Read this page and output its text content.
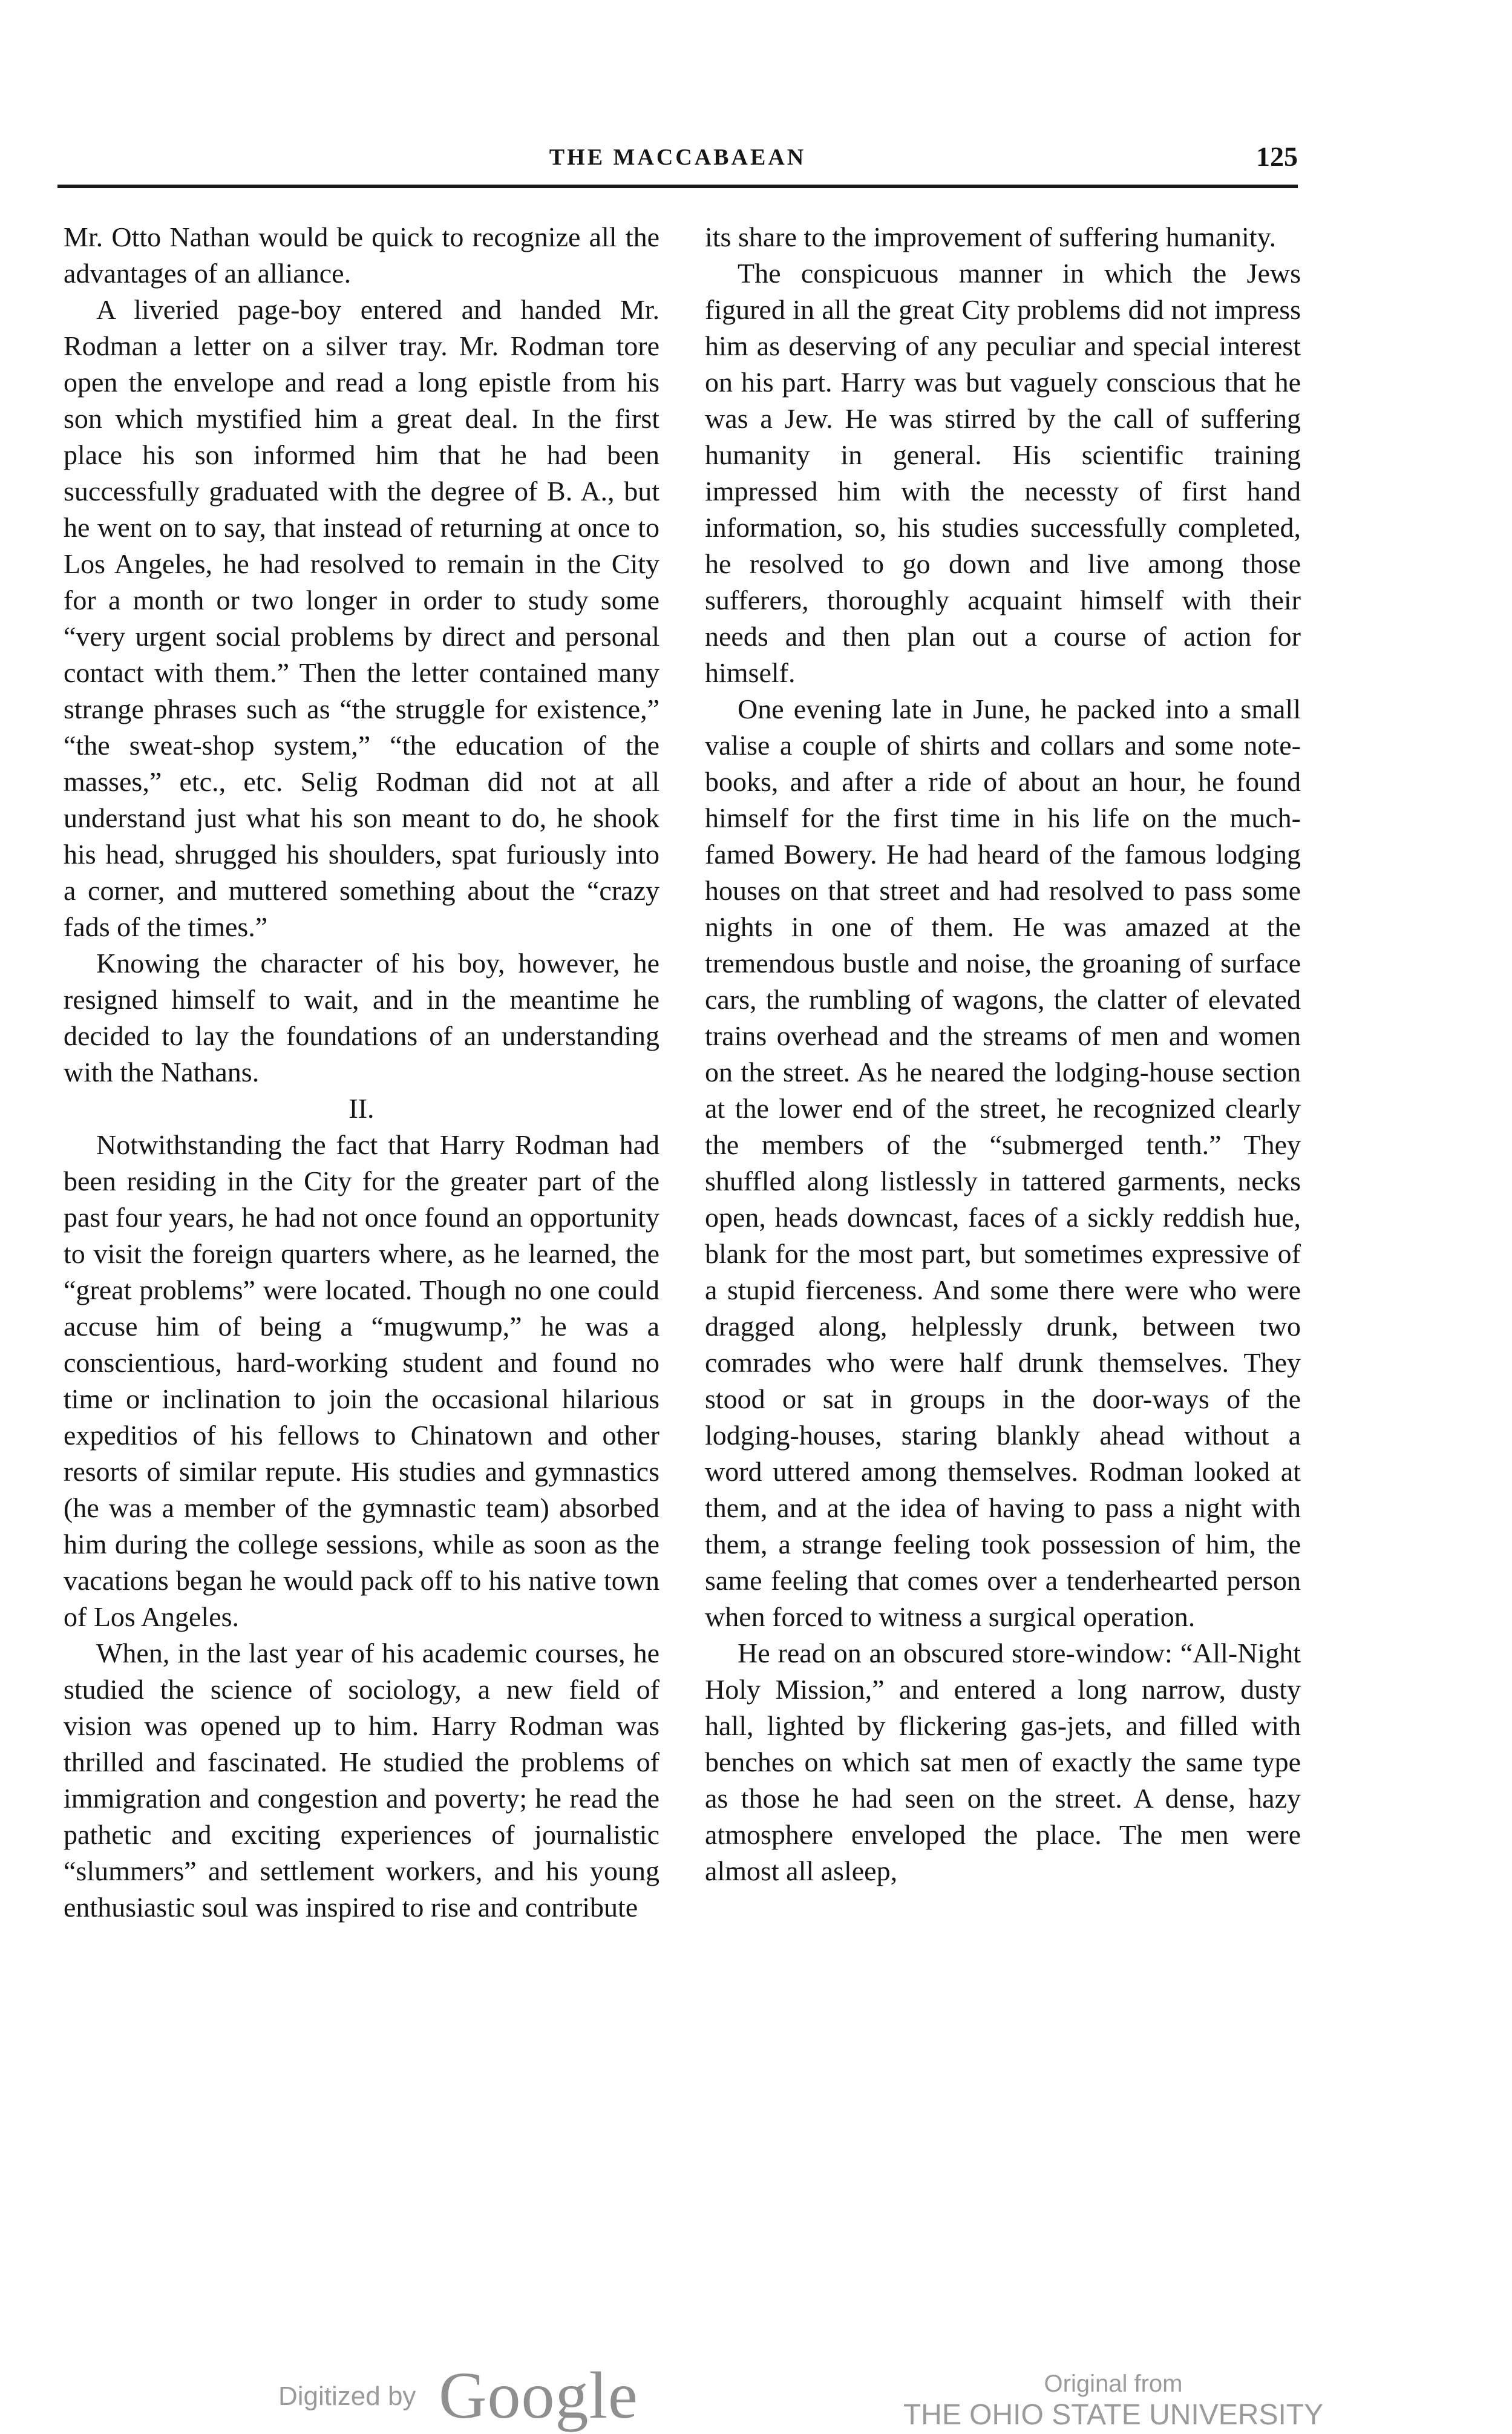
THE MACCABAEAN	125

Mr. Otto Nathan would be quick to recognize all the advantages of an alliance.

A liveried page-boy entered and handed Mr. Rodman a letter on a silver tray. Mr. Rodman tore open the envelope and read a long epistle from his son which mystified him a great deal. In the first place his son informed him that he had been successfully graduated with the degree of B. A., but he went on to say, that instead of returning at once to Los Angeles, he had resolved to remain in the City for a month or two longer in order to study some “very urgent social problems by direct and personal contact with them.” Then the letter contained many strange phrases such as “the struggle for existence,” “the sweat-shop system,” “the education of the masses,” etc., etc. Selig Rodman did not at all understand just what his son meant to do, he shook his head, shrugged his shoulders, spat furiously into a corner, and muttered something about the “crazy fads of the times.”

Knowing the character of his boy, however, he resigned himself to wait, and in the meantime he decided to lay the foundations of an understanding with the Nathans.

II.

Notwithstanding the fact that Harry Rodman had been residing in the City for the greater part of the past four years, he had not once found an opportunity to visit the foreign quarters where, as he learned, the “great problems” were located. Though no one could accuse him of being a “mugwump,” he was a conscientious, hard-working student and found no time or inclination to join the occasional hilarious expeditios of his fellows to Chinatown and other resorts of similar repute. His studies and gymnastics (he was a member of the gymnastic team) absorbed him during the college sessions, while as soon as the vacations began he would pack off to his native town of Los Angeles.

When, in the last year of his academic courses, he studied the science of sociology, a new field of vision was opened up to him. Harry Rodman was thrilled and fascinated. He studied the problems of immigration and congestion and poverty; he read the pathetic and exciting experiences of journalistic “slummers” and settlement workers, and his young enthusiastic soul was inspired to rise and contribute

its share to the improvement of suffering humanity.

The conspicuous manner in which the Jews figured in all the great City problems did not impress him as deserving of any peculiar and special interest on his part. Harry was but vaguely conscious that he was a Jew. He was stirred by the call of suffering humanity in general. His scientific training impressed him with the necessty of first hand information, so, his studies successfully completed, he resolved to go down and live among those sufferers, thoroughly acquaint himself with their needs and then plan out a course of action for himself.

One evening late in June, he packed into a small valise a couple of shirts and collars and some note-books, and after a ride of about an hour, he found himself for the first time in his life on the much-famed Bowery. He had heard of the famous lodging houses on that street and had resolved to pass some nights in one of them. He was amazed at the tremendous bustle and noise, the groaning of surface cars, the rumbling of wagons, the clatter of elevated trains overhead and the streams of men and women on the street. As he neared the lodging-house section at the lower end of the street, he recognized clearly the members of the “submerged tenth.” They shuffled along listlessly in tattered garments, necks open, heads downcast, faces of a sickly reddish hue, blank for the most part, but sometimes expressive of a stupid fierceness. And some there were who were dragged along, helplessly drunk, between two comrades who were half drunk themselves. They stood or sat in groups in the door-ways of the lodging-houses, staring blankly ahead without a word uttered among themselves. Rodman looked at them, and at the idea of having to pass a night with them, a strange feeling took possession of him, the same feeling that comes over a tenderhearted person when forced to witness a surgical operation.

He read on an obscured store-window: “All-Night Holy Mission,” and entered a long narrow, dusty hall, lighted by flickering gas-jets, and filled with benches on which sat men of exactly the same type as those he had seen on the street. A dense, hazy atmosphere enveloped the place. The men were almost all asleep,

Digitized by Google	Original from
THE OHIO STATE UNIVERSITY
